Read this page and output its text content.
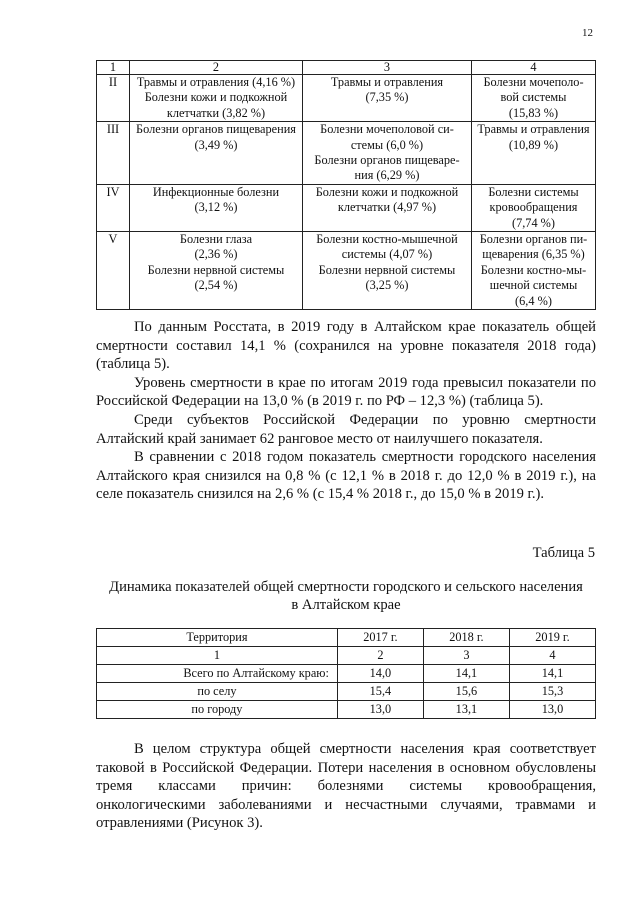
12
1	2	3	4
II	Травмы и отравления (4,16 %)
Болезни кожи и подкожной
клетчатки (3,82 %)	Травмы и отравления
(7,35 %)	Болезни мочеполо-
вой системы
(15,83 %)

III	Болезни органов пищеварения
(3,49 %)	Болезни мочеполовой си-
стемы (6,0 %)
Болезни органов пищеваре-
ния (6,29 %)	Травмы и отравления
(10,89 %)

IV	Инфекционные болезни
(3,12 %)	Болезни кожи и подкожной
клетчатки (4,97 %)	Болезни системы
кровообращения
(7,74 %)

V	Болезни глаза
(2,36 %)
Болезни нервной системы
(2,54 %)	Болезни костно-мышечной
системы (4,07 %)
Болезни нервной системы
(3,25 %)	Болезни органов пи-
щеварения (6,35 %)
Болезни костно-мы-
шечной системы
(6,4 %)

По данным Росстата, в 2019 году в Алтайском крае показатель общей смертности составил 14,1 % (сохранился на уровне показателя 2018 года) (таблица 5).

Уровень смертности в крае по итогам 2019 года превысил показатели по Российской Федерации на 13,0 % (в 2019 г. по РФ – 12,3 %) (таблица 5).

Среди субъектов Российской Федерации по уровню смертности Алтайский край занимает 62 ранговое место от наилучшего показателя.

В сравнении с 2018 годом показатель смертности городского населения Алтайского края снизился на 0,8 % (с 12,1 % в 2018 г. до 12,0 % в 2019 г.), на селе показатель снизился на 2,6 % (с 15,4 % 2018 г., до 15,0 % в 2019 г.).

Таблица 5
Динамика показателей общей смертности городского и сельского населения
в Алтайском крае
Территория	2017 г.	2018 г.	2019 г.
1	2	3	4
Всего по Алтайскому краю:	14,0	14,1	14,1
по селу	15,4	15,6	15,3
по городу	13,0	13,1	13,0

В целом структура общей смертности населения края соответствует таковой в Российской Федерации. Потери населения в основном обусловлены тремя классами причин: болезнями системы кровообращения, онкологическими заболеваниями и несчастными случаями, травмами и отравлениями (Рисунок 3).
